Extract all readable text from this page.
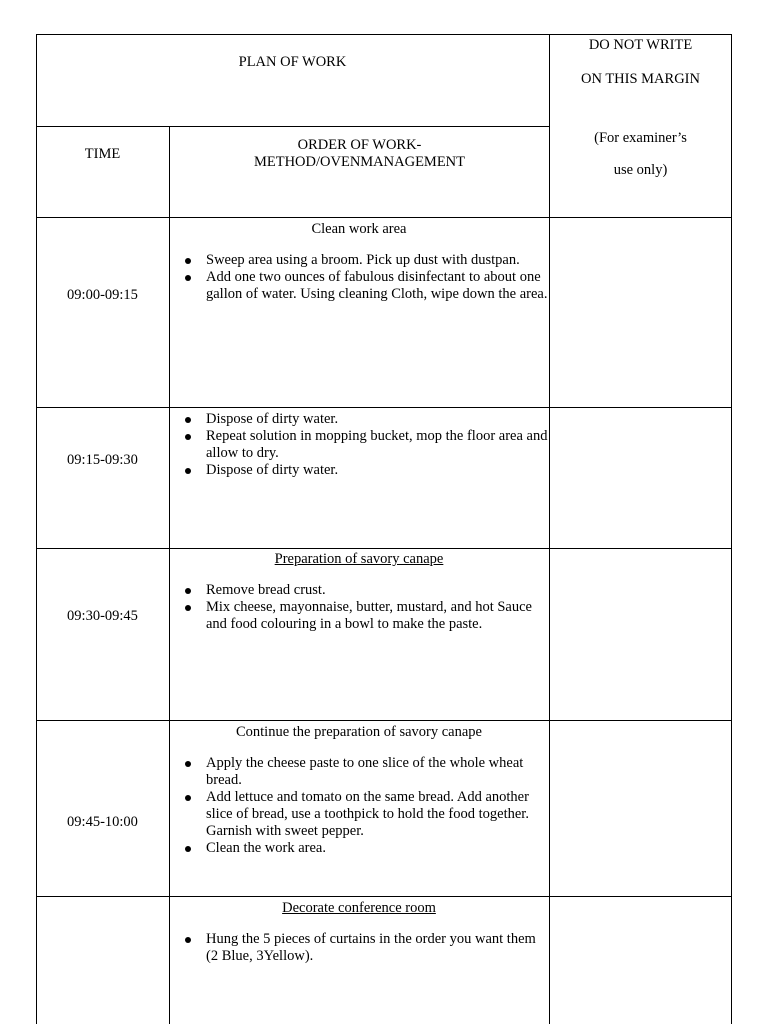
PLAN OF WORK
DO NOT WRITE
ON THIS MARGIN
(For examiner’s
use only)
TIME
ORDER OF WORK-
METHOD/OVENMANAGEMENT
09:00-09:15
Clean work area
Sweep area using a broom. Pick up dust with dustpan.
Add one two ounces of fabulous disinfectant to about one gallon of water. Using cleaning Cloth, wipe down the area.
09:15-09:30
Dispose of dirty water.
Repeat solution in mopping bucket, mop the floor area and allow to dry.
Dispose of dirty water.
09:30-09:45
Preparation of savory canape
Remove bread crust.
Mix cheese, mayonnaise, butter, mustard, and hot Sauce and food colouring in a bowl to make the paste.
09:45-10:00
Continue the preparation of savory canape
Apply the cheese paste to one slice of the whole wheat bread.
Add lettuce and tomato on the same bread. Add another slice of bread, use a toothpick to hold the food together. Garnish with sweet pepper.
Clean the work area.
Decorate conference room
Hung the 5 pieces of curtains in the order you want them (2 Blue, 3Yellow).
